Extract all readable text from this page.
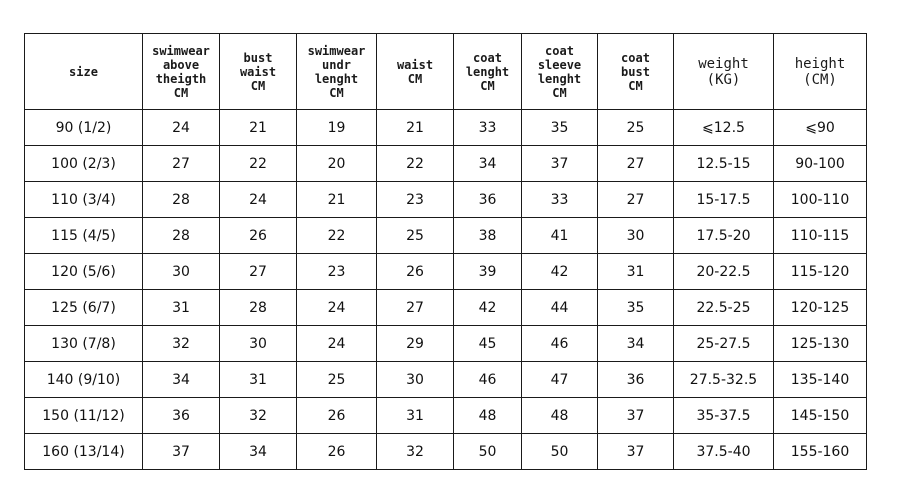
size	swimwear
above
theigth
CM	bust
waist
CM	swimwear
undr
lenght
CM	waist
CM	coat
lenght
CM	coat
sleeve
lenght
CM	coat
bust
CM	weight
(KG)	height
(CM)

90 (1/2)	24	21	19	21	33	35	25	⩽12.5	⩽90
100 (2/3)	27	22	20	22	34	37	27	12.5-15	90-100
110 (3/4)	28	24	21	23	36	33	27	15-17.5	100-110
115 (4/5)	28	26	22	25	38	41	30	17.5-20	110-115
120 (5/6)	30	27	23	26	39	42	31	20-22.5	115-120
125 (6/7)	31	28	24	27	42	44	35	22.5-25	120-125
130 (7/8)	32	30	24	29	45	46	34	25-27.5	125-130
140 (9/10)	34	31	25	30	46	47	36	27.5-32.5	135-140
150 (11/12)	36	32	26	31	48	48	37	35-37.5	145-150
160 (13/14)	37	34	26	32	50	50	37	37.5-40	155-160
